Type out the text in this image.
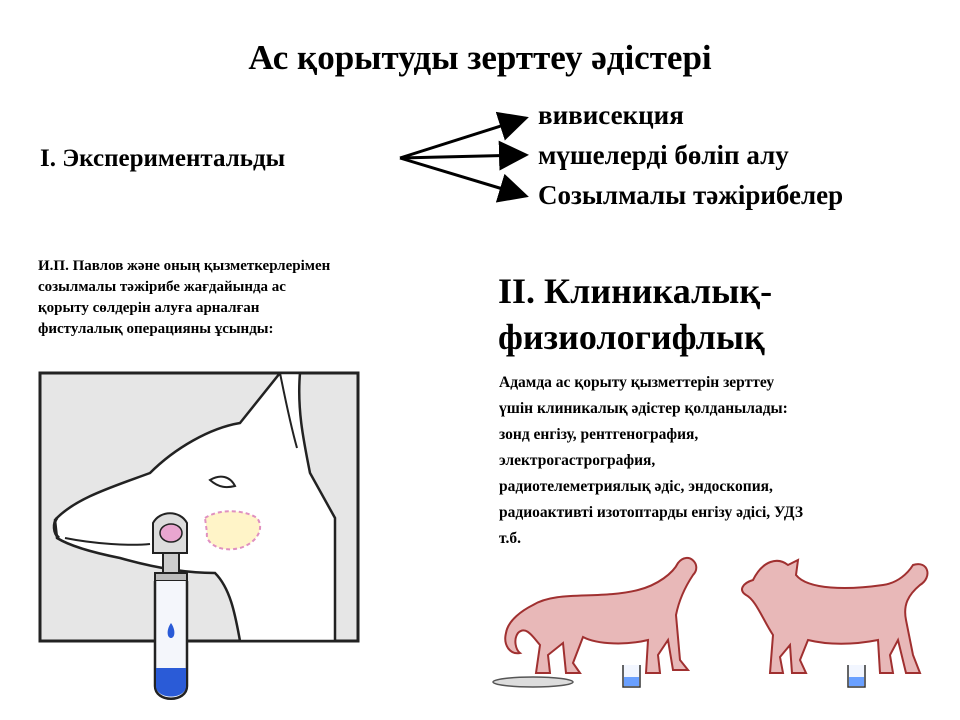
Ас қорытуды зерттеу әдістері
І. Экспериментальды
вивисекция
мүшелерді бөліп алу
Созылмалы тәжірибелер
И.П. Павлов және оның қызметкерлерімен
созылмалы тәжірибе жағдайында ас
қорыту сөлдерін алуға арналған
фистулалық операцияны ұсынды:
ІІ. Клиникалық-
физиологифлық
Адамда ас қорыту қызметтерін зерттеу
үшін клиникалық әдістер қолданылады:
зонд енгізу, рентгенография,
электрогастрография,
радиотелеметриялық әдіс, эндоскопия,
радиоактивті изотоптарды енгізу әдісі, УДЗ
т.б.
